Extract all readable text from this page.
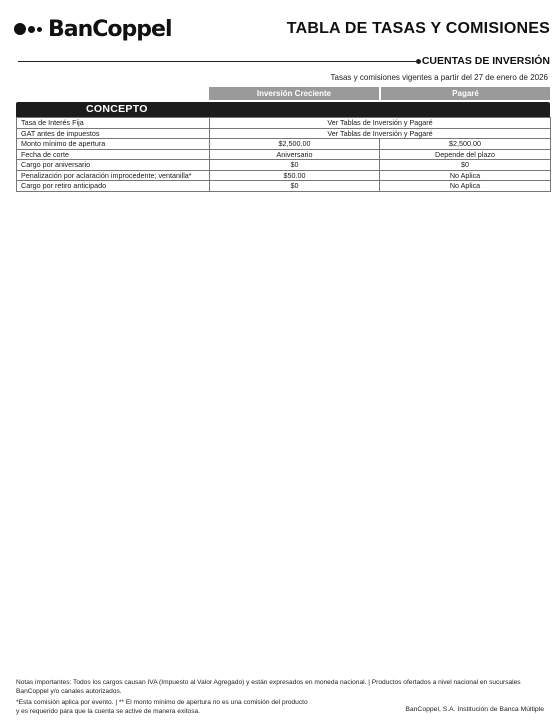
BanCoppel	TABLA DE TASAS Y COMISIONES
CUENTAS DE INVERSIÓN
Tasas y comisiones vigentes a partir del 27 de enero de 2026
Inversión Creciente	Pagaré
CONCEPTO
Tasa de Interés Fija	Ver Tablas de Inversión y Pagaré	
GAT antes de impuestos	Ver Tablas de Inversión y Pagaré	
Monto mínimo de apertura	$2,500.00	$2,500.00
Fecha de corte	Aniversario	Depende del plazo
Cargo por aniversario	$0	$0
Penalización por aclaración improcedente; ventanilla*	$50.00	No Aplica
Cargo por retiro anticipado	$0	No Aplica
Notas importantes: Todos los cargos causan IVA (Impuesto al Valor Agregado) y están expresados en moneda nacional. | Productos ofertados a nivel nacional en sucursales BanCoppel y/o canales autorizados.
*Esta comisión aplica por evento. | ** El monto mínimo de apertura no es una comisión del producto
y es requerido para que la cuenta se active de manera exitosa.	BanCoppel, S.A. Institución de Banca Múltiple
